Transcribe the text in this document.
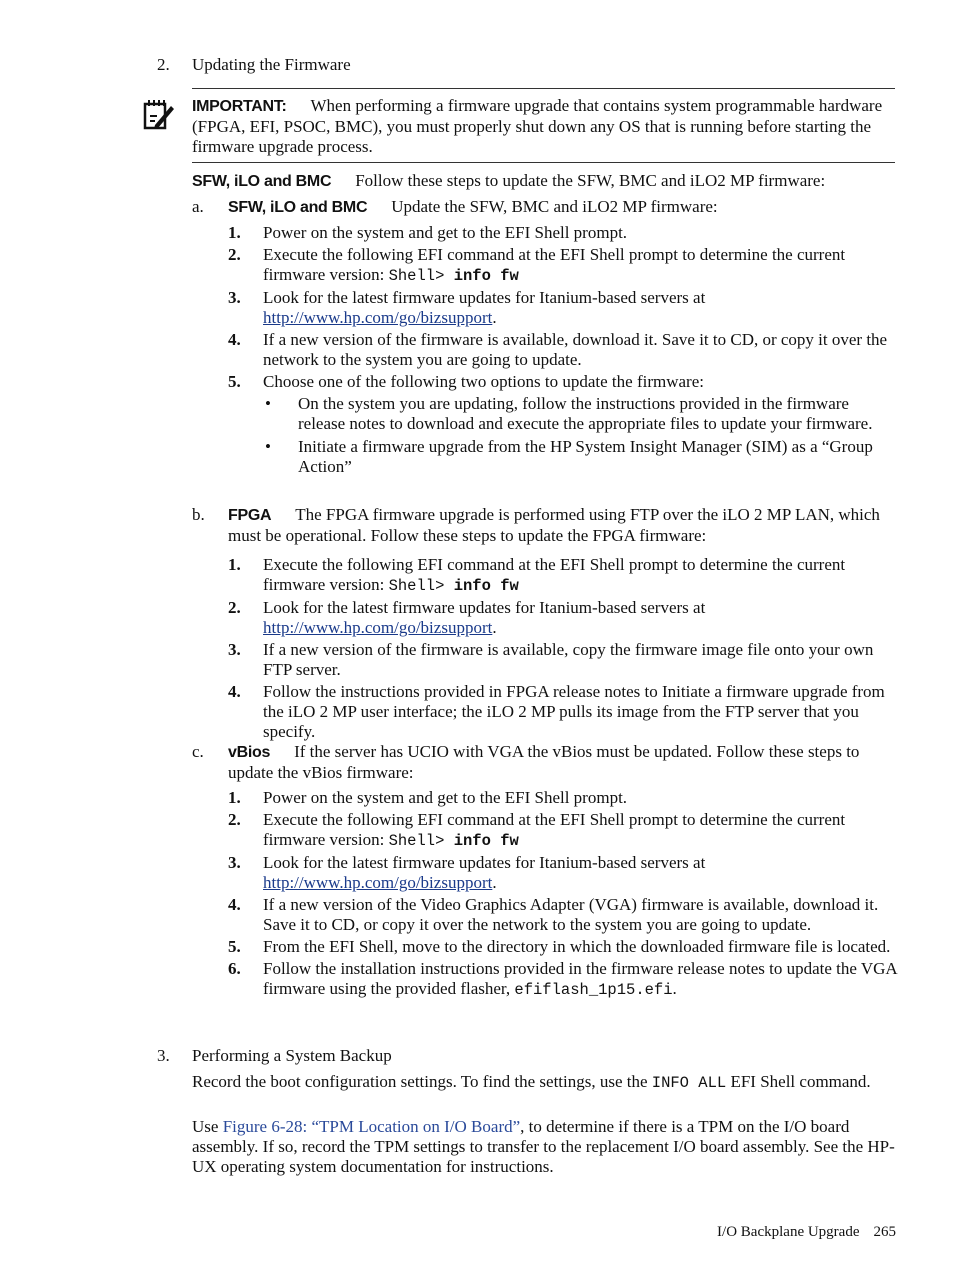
2. Updating the Firmware

IMPORTANT: When performing a firmware upgrade that contains system programmable hardware (FPGA, EFI, PSOC, BMC), you must properly shut down any OS that is running before starting the firmware upgrade process.

SFW, iLO and BMC Follow these steps to update the SFW, BMC and iLO2 MP firmware:

a. SFW, iLO and BMC Update the SFW, BMC and iLO2 MP firmware:

1. Power on the system and get to the EFI Shell prompt.
2. Execute the following EFI command at the EFI Shell prompt to determine the current firmware version: Shell> info fw
3. Look for the latest firmware updates for Itanium-based servers at http://www.hp.com/go/bizsupport.
4. If a new version of the firmware is available, download it. Save it to CD, or copy it over the network to the system you are going to update.
5. Choose one of the following two options to update the firmware:
• On the system you are updating, follow the instructions provided in the firmware release notes to download and execute the appropriate files to update your firmware.
• Initiate a firmware upgrade from the HP System Insight Manager (SIM) as a “Group Action”
b. FPGA The FPGA firmware upgrade is performed using FTP over the iLO 2 MP LAN, which must be operational. Follow these steps to update the FPGA firmware:

1. Execute the following EFI command at the EFI Shell prompt to determine the current firmware version: Shell> info fw
2. Look for the latest firmware updates for Itanium-based servers at http://www.hp.com/go/bizsupport.
3. If a new version of the firmware is available, copy the firmware image file onto your own FTP server.
4. Follow the instructions provided in FPGA release notes to Initiate a firmware upgrade from the iLO 2 MP user interface; the iLO 2 MP pulls its image from the FTP server that you specify.
c. vBios If the server has UCIO with VGA the vBios must be updated. Follow these steps to update the vBios firmware:

1. Power on the system and get to the EFI Shell prompt.
2. Execute the following EFI command at the EFI Shell prompt to determine the current firmware version: Shell> info fw
3. Look for the latest firmware updates for Itanium-based servers at http://www.hp.com/go/bizsupport.
4. If a new version of the Video Graphics Adapter (VGA) firmware is available, download it. Save it to CD, or copy it over the network to the system you are going to update.
5. From the EFI Shell, move to the directory in which the downloaded firmware file is located.
6. Follow the installation instructions provided in the firmware release notes to update the VGA firmware using the provided flasher, efiflash_1p15.efi.
3. Performing a System Backup

Record the boot configuration settings. To find the settings, use the INFO ALL EFI Shell command.

Use Figure 6-28: “TPM Location on I/O Board”, to determine if there is a TPM on the I/O board assembly. If so, record the TPM settings to transfer to the replacement I/O board assembly. See the HP-UX operating system documentation for instructions.

I/O Backplane Upgrade 265
